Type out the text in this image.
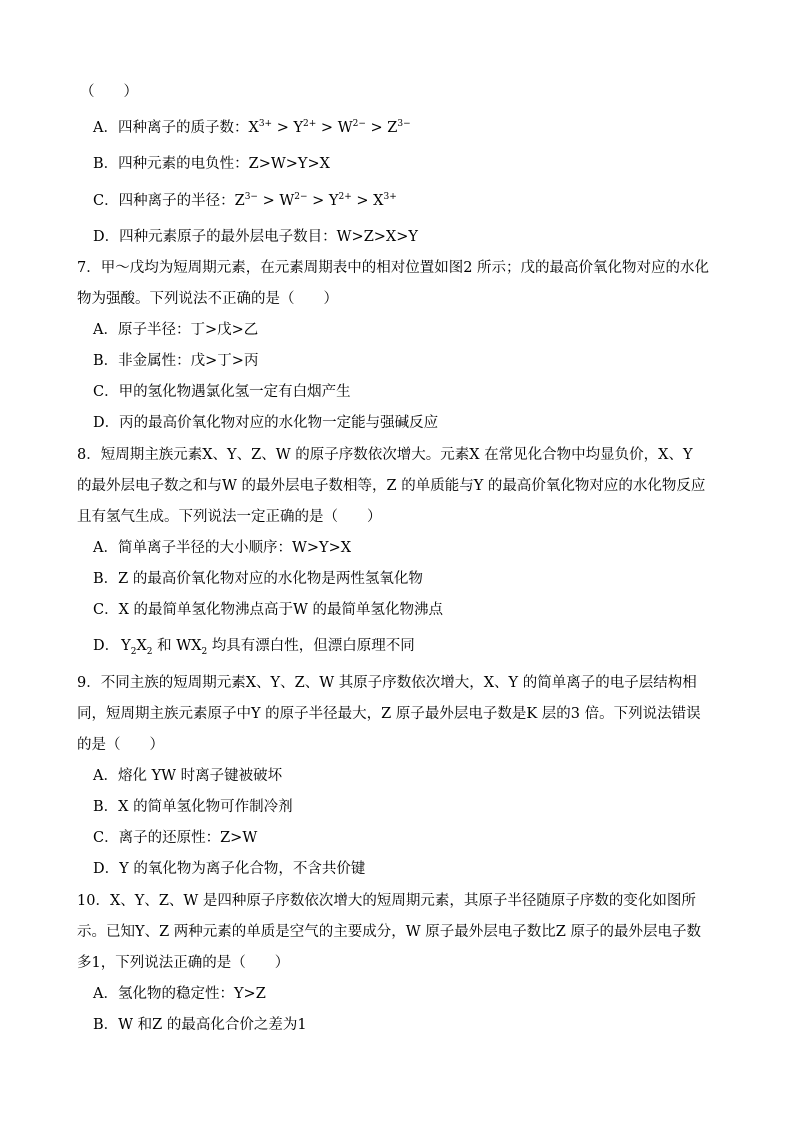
（　　）
A．四种离子的质子数：$X^{3+} > Y^{2+} > W^{2-} > Z^{3-}$
B．四种元素的电负性：Z>W>Y>X
C．四种离子的半径：$Z^{3-} > W^{2-} > Y^{2+} > X^{3+}$
D．四种元素原子的最外层电子数目：W>Z>X>Y
7．甲～戊均为短周期元素，在元素周期表中的相对位置如图2 所示；戊的最高价氧化物对应的水化
物为强酸。下列说法不正确的是（　　）
A．原子半径：丁>戊>乙
B．非金属性：戊>丁>丙
C．甲的氢化物遇氯化氢一定有白烟产生
D．丙的最高价氧化物对应的水化物一定能与强碱反应
8．短周期主族元素X、Y、Z、W 的原子序数依次增大。元素X 在常见化合物中均显负价，X、Y
的最外层电子数之和与W 的最外层电子数相等，Z 的单质能与Y 的最高价氧化物对应的水化物反应
且有氢气生成。下列说法一定正确的是（　　）
A．简单离子半径的大小顺序：W>Y>X
B．Z 的最高价氧化物对应的水化物是两性氢氧化物
C．X 的最简单氢化物沸点高于W 的最简单氢化物沸点
D． $Y_2X_2$ 和 $WX_2$ 均具有漂白性，但漂白原理不同
9．不同主族的短周期元素X、Y、Z、W 其原子序数依次增大，X、Y 的简单离子的电子层结构相
同，短周期主族元素原子中Y 的原子半径最大，Z 原子最外层电子数是K 层的3 倍。下列说法错误
的是（　　）
A．熔化 YW 时离子键被破坏
B．X 的简单氢化物可作制冷剂
C．离子的还原性：Z>W
D．Y 的氧化物为离子化合物，不含共价键
10．X、Y、Z、W 是四种原子序数依次增大的短周期元素，其原子半径随原子序数的变化如图所
示。已知Y、Z 两种元素的单质是空气的主要成分，W 原子最外层电子数比Z 原子的最外层电子数
多1，下列说法正确的是（　　）
A．氢化物的稳定性：Y>Z
B．W 和Z 的最高化合价之差为1
